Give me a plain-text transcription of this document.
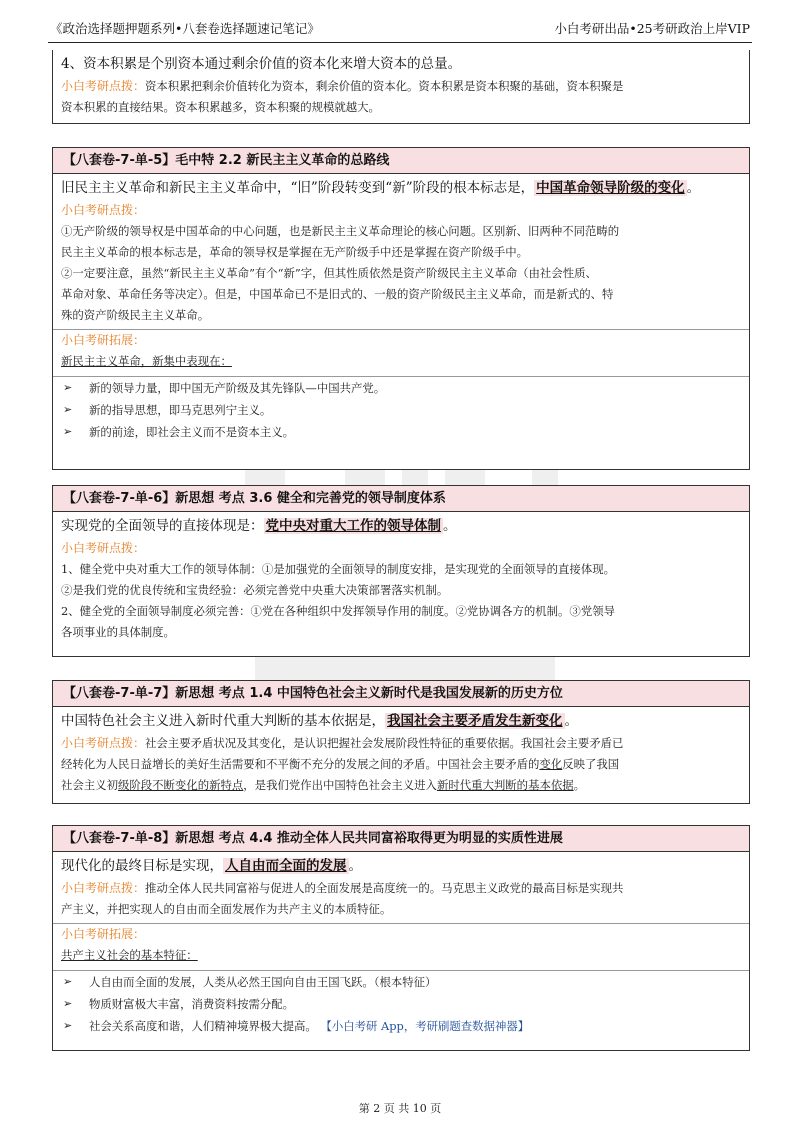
《政治选择题押题系列•八套卷选择题速记笔记》	小白考研出品•25考研政治上岸VIP
4、资本积累是个别资本通过剩余价值的资本化来增大资本的总量。
小白考研点拨：资本积累把剩余价值转化为资本，剩余价值的资本化。资本积累是资本积聚的基础，资本积聚是
资本积累的直接结果。资本积累越多，资本积聚的规模就越大。
【八套卷-7-单-5】毛中特 2.2 新民主主义革命的总路线
旧民主主义革命和新民主主义革命中，“旧”阶段转变到“新”阶段的根本标志是， 中国革命领导阶级的变化 。
小白考研点拨：
①无产阶级的领导权是中国革命的中心问题，也是新民主主义革命理论的核心问题。区别新、旧两种不同范畴的
民主主义革命的根本标志是，革命的领导权是掌握在无产阶级手中还是掌握在资产阶级手中。
②一定要注意，虽然“新民主主义革命”有个“新”字，但其性质依然是资产阶级民主主义革命（由社会性质、
革命对象、革命任务等决定）。但是，中国革命已不是旧式的、一般的资产阶级民主主义革命，而是新式的、特
殊的资产阶级民主主义革命。
小白考研拓展：
新民主主义革命，新集中表现在：
➢ 新的领导力量，即中国无产阶级及其先锋队—中国共产党。
➢ 新的指导思想，即马克思列宁主义。
➢ 新的前途，即社会主义而不是资本主义。
【八套卷-7-单-6】新思想 考点 3.6 健全和完善党的领导制度体系
实现党的全面领导的直接体现是： 党中央对重大工作的领导体制 。
小白考研点拨：
1、健全党中央对重大工作的领导体制：①是加强党的全面领导的制度安排，是实现党的全面领导的直接体现。
②是我们党的优良传统和宝贵经验：必须完善党中央重大决策部署落实机制。
2、健全党的全面领导制度必须完善：①党在各种组织中发挥领导作用的制度。②党协调各方的机制。③党领导
各项事业的具体制度。
【八套卷-7-单-7】新思想 考点 1.4 中国特色社会主义新时代是我国发展新的历史方位
中国特色社会主义进入新时代重大判断的基本依据是， 我国社会主要矛盾发生新变化 。
小白考研点拨：社会主要矛盾状况及其变化，是认识把握社会发展阶段性特征的重要依据。我国社会主要矛盾已
经转化为人民日益增长的美好生活需要和不平衡不充分的发展之间的矛盾。中国社会主要矛盾的变化反映了我国
社会主义初级阶段不断变化的新特点，是我们党作出中国特色社会主义进入新时代重大判断的基本依据。
【八套卷-7-单-8】新思想 考点 4.4 推动全体人民共同富裕取得更为明显的实质性进展
现代化的最终目标是实现， 人自由而全面的发展 。
小白考研点拨：推动全体人民共同富裕与促进人的全面发展是高度统一的。马克思主义政党的最高目标是实现共
产主义，并把实现人的自由而全面发展作为共产主义的本质特征。
小白考研拓展：
共产主义社会的基本特征：
➢ 人自由而全面的发展，人类从必然王国向自由王国飞跃。（根本特征）
➢ 物质财富极大丰富，消费资料按需分配。
➢ 社会关系高度和谐，人们精神境界极大提高。 【小白考研 App，考研刷题查数据神器】
第 2 页 共 10 页
